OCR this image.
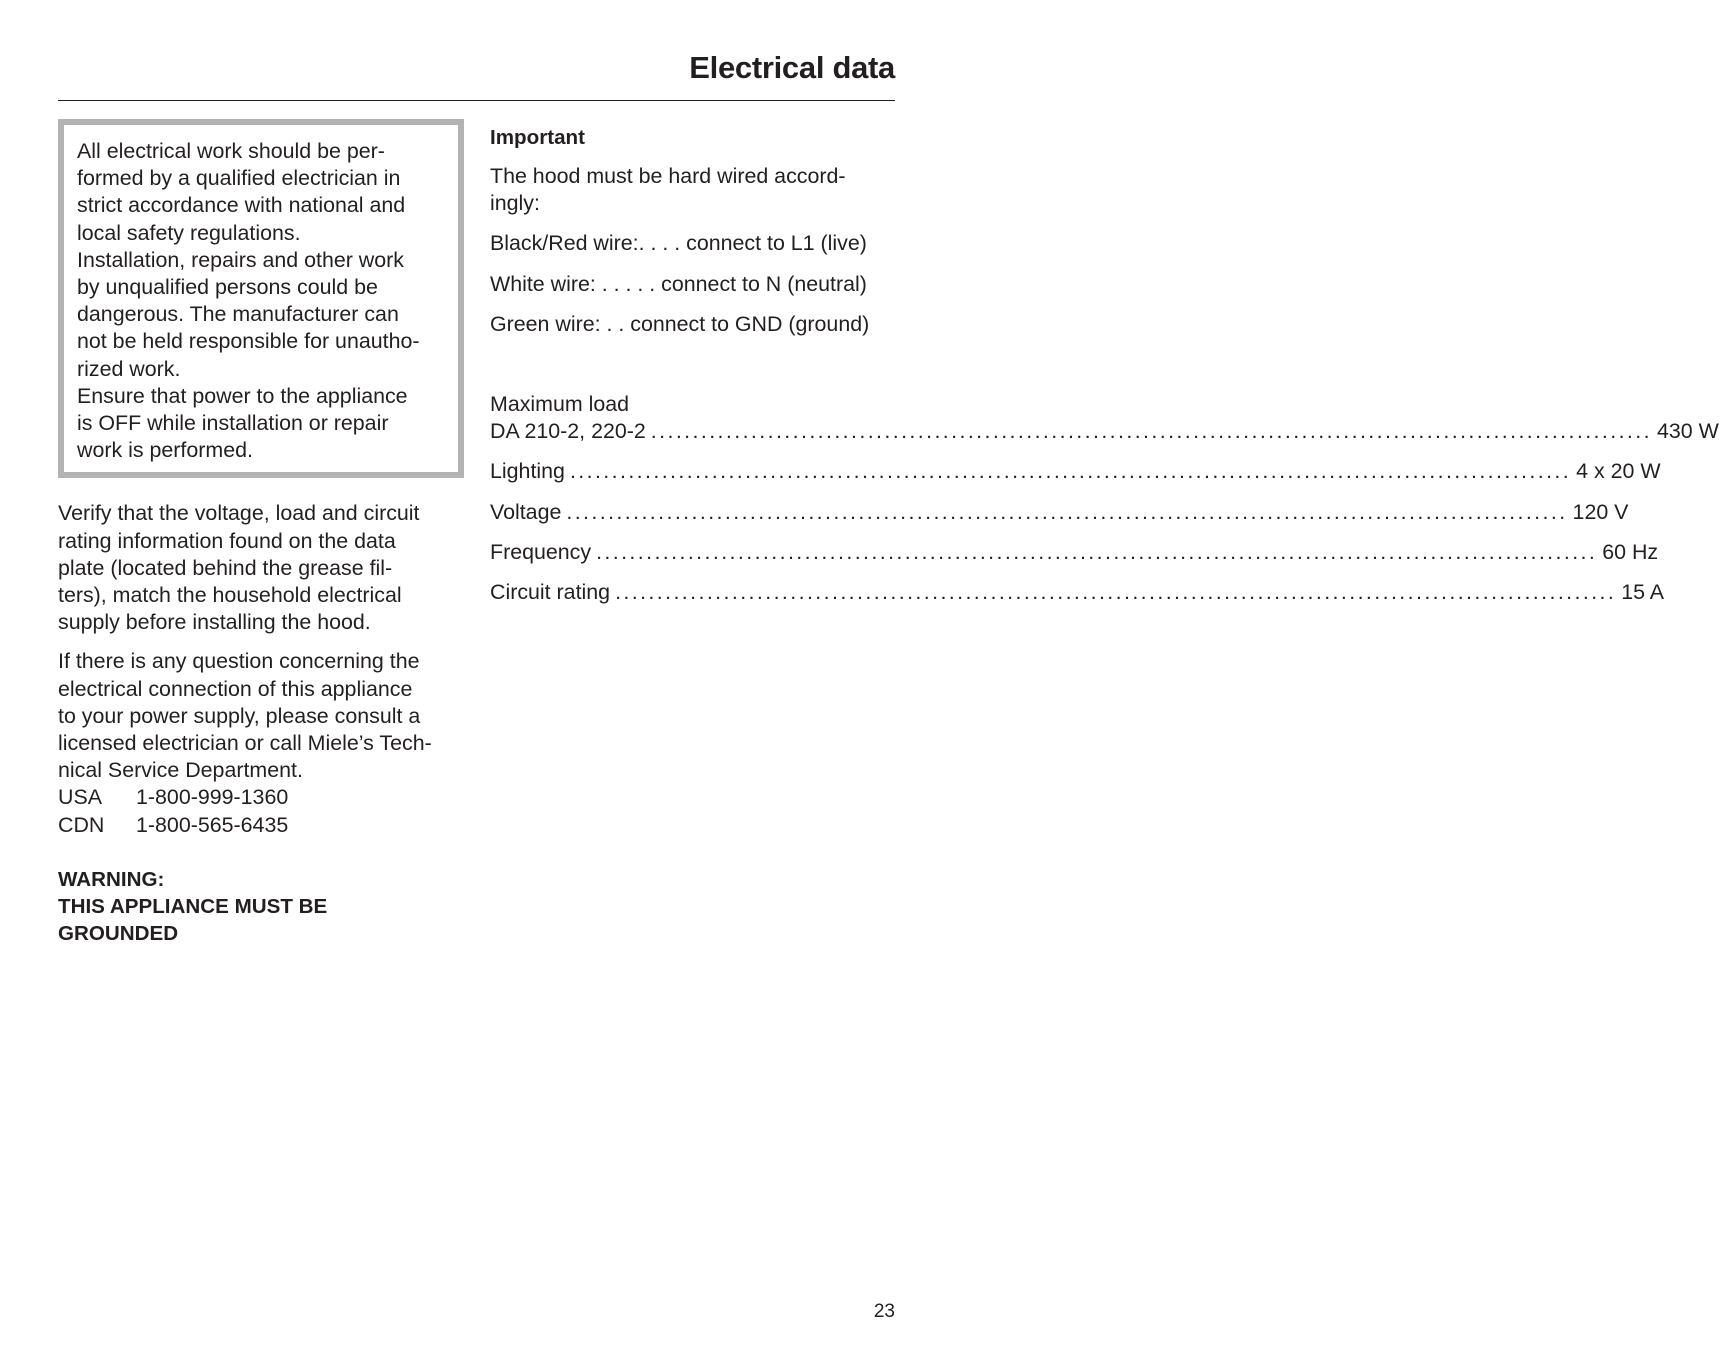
Electrical data

All electrical work should be per-

formed by a qualified electrician in

strict accordance with national and

local safety regulations.

Installation, repairs and other work

by unqualified persons could be

dangerous. The manufacturer can

not be held responsible for unautho-

rized work.

Ensure that power to the appliance

is OFF while installation or repair

work is performed.

Verify that the voltage, load and circuit

rating information found on the data

plate (located behind the grease fil-

ters), match the household electrical

supply before installing the hood.

If there is any question concerning the

electrical connection of this appliance

to your power supply, please consult a

licensed electrician or call Miele’s Tech-

nical Service Department.

USA 1-800-999-1360
CDN 1-800-565-6435
WARNING:
THIS APPLIANCE MUST BE
GROUNDED
Important
The hood must be hard wired accord-
ingly:
Black/Red wire:. . . . connect to L1 (live)
White wire: . . . . . connect to N (neutral)
Green wire: . . connect to GND (ground)
Maximum load
DA 210-2, 220-2 ........................................................................................................................ 430 W
Lighting ........................................................................................................................ 4 x 20 W
Voltage ........................................................................................................................ 120 V
Frequency ........................................................................................................................ 60 Hz
Circuit rating ........................................................................................................................ 15 A
23
